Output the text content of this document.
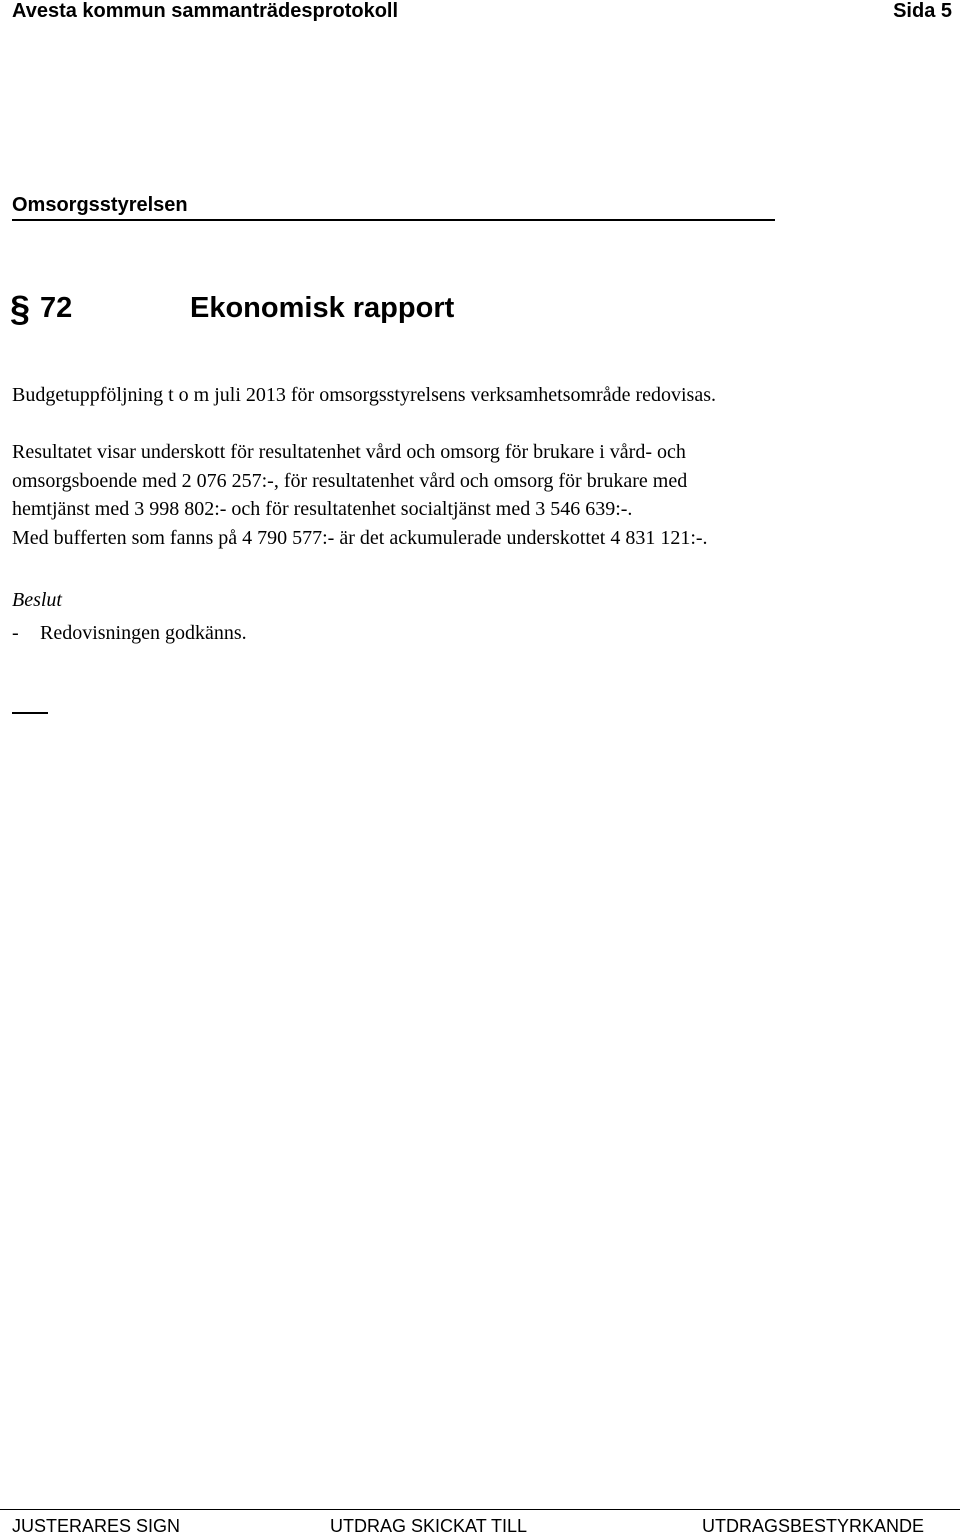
Avesta kommun sammanträdesprotokoll	Sida 5
Omsorgsstyrelsen
§ 72	Ekonomisk rapport
Budgetuppföljning t o m juli 2013 för omsorgsstyrelsens verksamhetsområde redovisas.
Resultatet visar underskott för resultatenhet vård och omsorg för brukare i vård- och
omsorgsboende med 2 076 257:-, för resultatenhet vård och omsorg för brukare med
hemtjänst med 3 998 802:- och för resultatenhet socialtjänst med 3 546 639:-.
Med bufferten som fanns på 4 790 577:- är det ackumulerade underskottet 4 831 121:-.
Beslut
- Redovisningen godkänns.
JUSTERARES SIGN	UTDRAG SKICKAT TILL	UTDRAGSBESTYRKANDE
